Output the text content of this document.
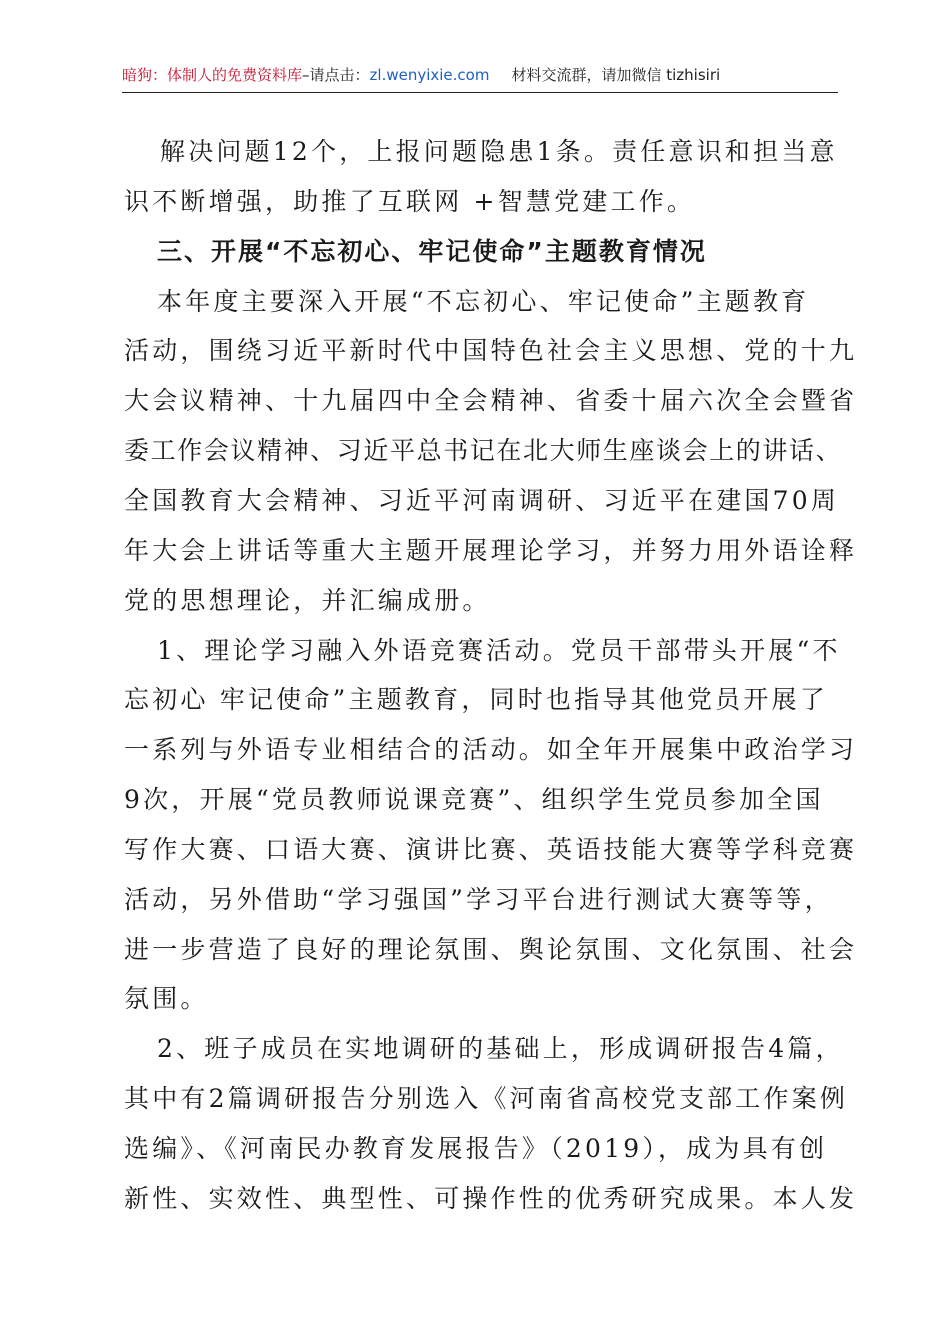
暗狗：体制人的免费资料库–请点击：zl.wenyixie.com 材料交流群，请加微信 tizhisiri
解决问题12个，上报问题隐患1条。责任意识和担当意
识不断增强，助推了互联网 +智慧党建工作。
三、开展“不忘初心、牢记使命”主题教育情况
本年度主要深入开展“不忘初心、牢记使命”主题教育
活动，围绕习近平新时代中国特色社会主义思想、党的十九
大会议精神、十九届四中全会精神、省委十届六次全会暨省
委工作会议精神、习近平总书记在北大师生座谈会上的讲话、
全国教育大会精神、习近平河南调研、习近平在建国70周
年大会上讲话等重大主题开展理论学习，并努力用外语诠释
党的思想理论，并汇编成册。
1、理论学习融入外语竞赛活动。党员干部带头开展“不
忘初心 牢记使命”主题教育，同时也指导其他党员开展了
一系列与外语专业相结合的活动。如全年开展集中政治学习
9次，开展“党员教师说课竞赛”、组织学生党员参加全国
写作大赛、口语大赛、演讲比赛、英语技能大赛等学科竞赛
活动，另外借助“学习强国”学习平台进行测试大赛等等，
进一步营造了良好的理论氛围、舆论氛围、文化氛围、社会
氛围。
2、班子成员在实地调研的基础上，形成调研报告4篇，
其中有2篇调研报告分别选入《河南省高校党支部工作案例
选编》、《河南民办教育发展报告》（2019），成为具有创
新性、实效性、典型性、可操作性的优秀研究成果。本人发
